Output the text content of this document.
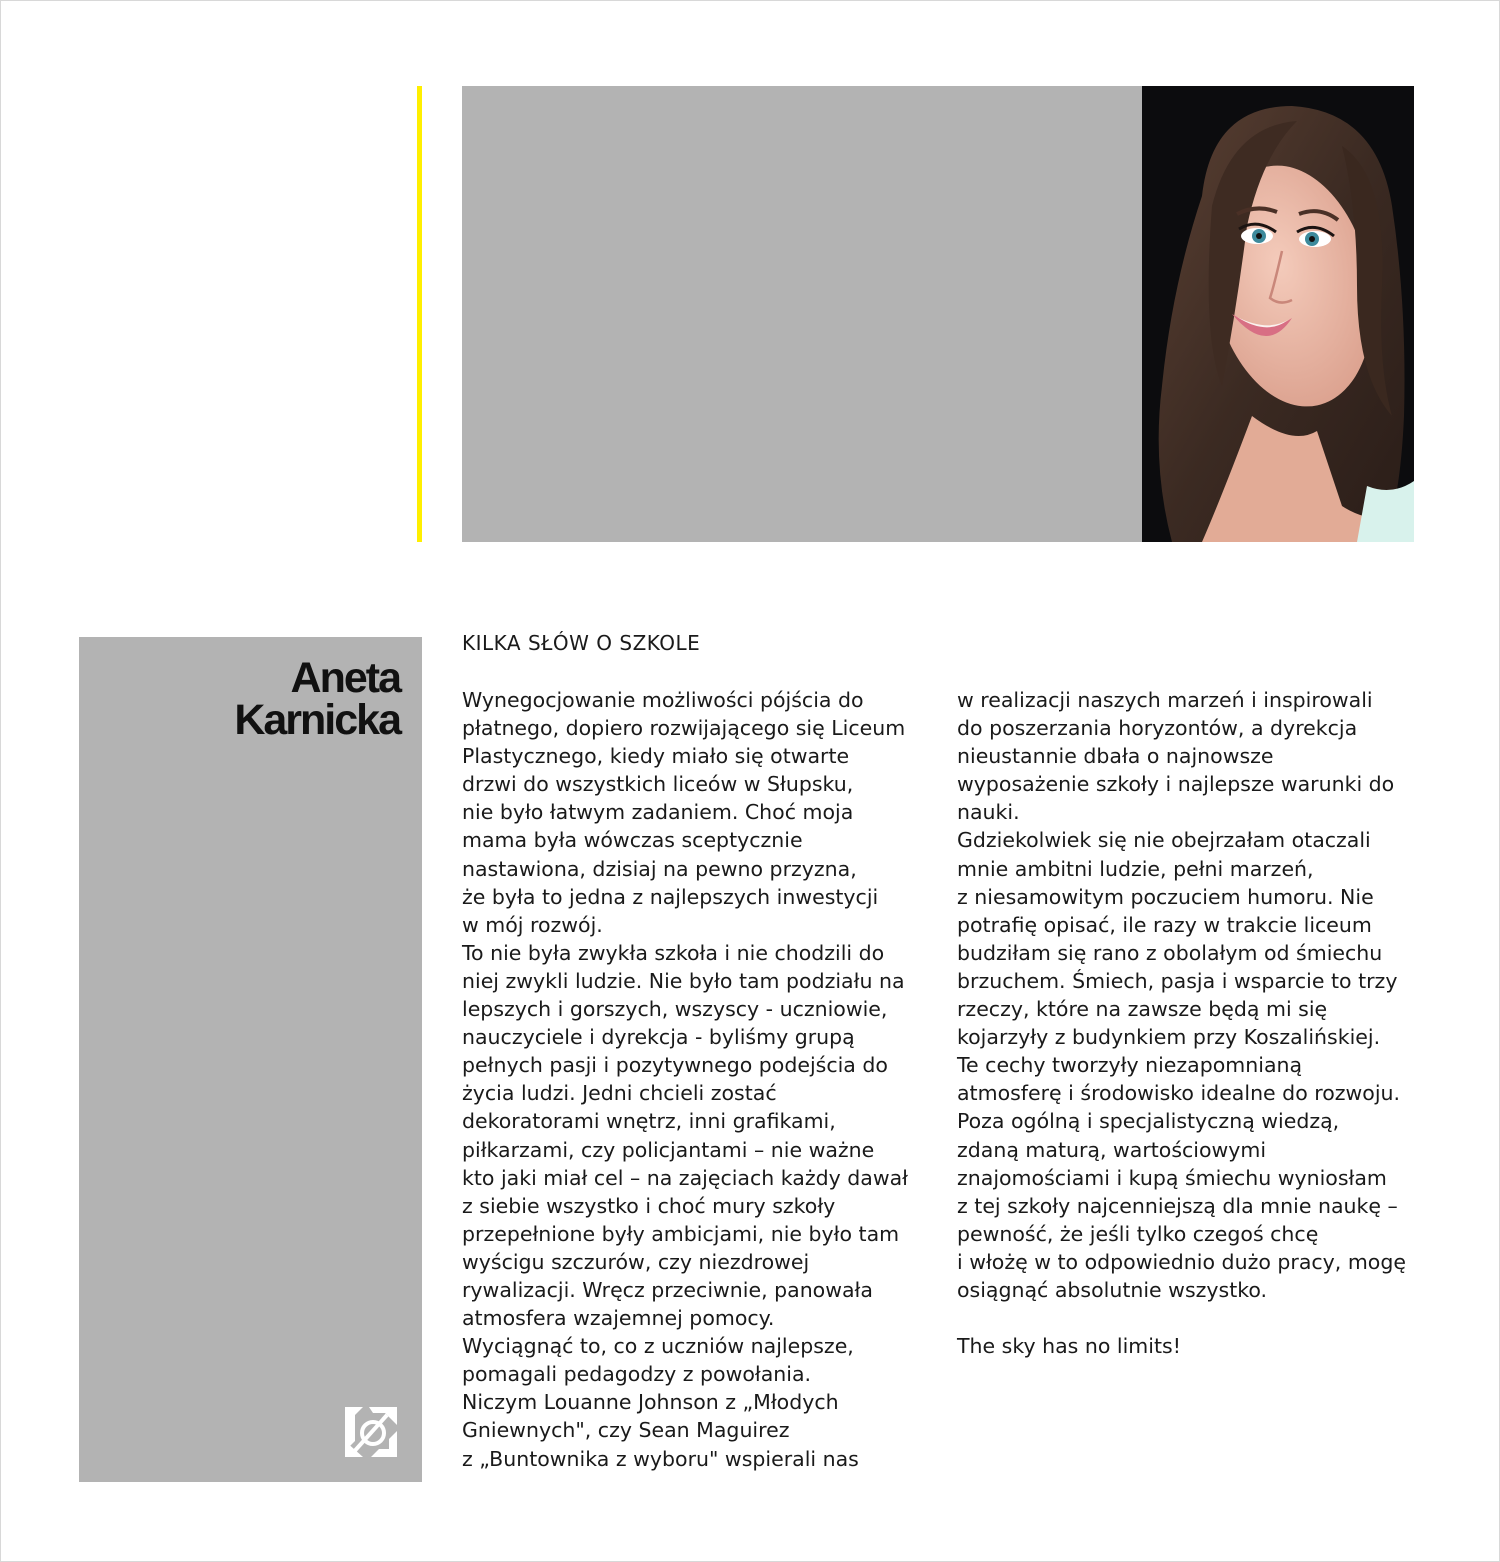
Aneta
Karnicka
KILKA SŁÓW O SZKOLE
Wynegocjowanie możliwości pójścia do
płatnego, dopiero rozwijającego się Liceum
Plastycznego, kiedy miało się otwarte
drzwi do wszystkich liceów w Słupsku,
nie było łatwym zadaniem. Choć moja
mama była wówczas sceptycznie
nastawiona, dzisiaj na pewno przyzna,
że była to jedna z najlepszych inwestycji
w mój rozwój.
To nie była zwykła szkoła i nie chodzili do
niej zwykli ludzie. Nie było tam podziału na
lepszych i gorszych, wszyscy - uczniowie,
nauczyciele i dyrekcja - byliśmy grupą
pełnych pasji i pozytywnego podejścia do
życia ludzi. Jedni chcieli zostać
dekoratorami wnętrz, inni grafikami,
piłkarzami, czy policjantami – nie ważne
kto jaki miał cel – na zajęciach każdy dawał
z siebie wszystko i choć mury szkoły
przepełnione były ambicjami, nie było tam
wyścigu szczurów, czy niezdrowej
rywalizacji. Wręcz przeciwnie, panowała
atmosfera wzajemnej pomocy.
Wyciągnąć to, co z uczniów najlepsze,
pomagali pedagodzy z powołania.
Niczym Louanne Johnson z „Młodych
Gniewnych", czy Sean Maguirez
z „Buntownika z wyboru" wspierali nas
w realizacji naszych marzeń i inspirowali
do poszerzania horyzontów, a dyrekcja
nieustannie dbała o najnowsze
wyposażenie szkoły i najlepsze warunki do
nauki.
Gdziekolwiek się nie obejrzałam otaczali
mnie ambitni ludzie, pełni marzeń,
z niesamowitym poczuciem humoru. Nie
potrafię opisać, ile razy w trakcie liceum
budziłam się rano z obolałym od śmiechu
brzuchem. Śmiech, pasja i wsparcie to trzy
rzeczy, które na zawsze będą mi się
kojarzyły z budynkiem przy Koszalińskiej.
Te cechy tworzyły niezapomnianą
atmosferę i środowisko idealne do rozwoju.
Poza ogólną i specjalistyczną wiedzą,
zdaną maturą, wartościowymi
znajomościami i kupą śmiechu wyniosłam
z tej szkoły najcenniejszą dla mnie naukę –
pewność, że jeśli tylko czegoś chcę
i włożę w to odpowiednio dużo pracy, mogę
osiągnąć absolutnie wszystko.
The sky has no limits!
